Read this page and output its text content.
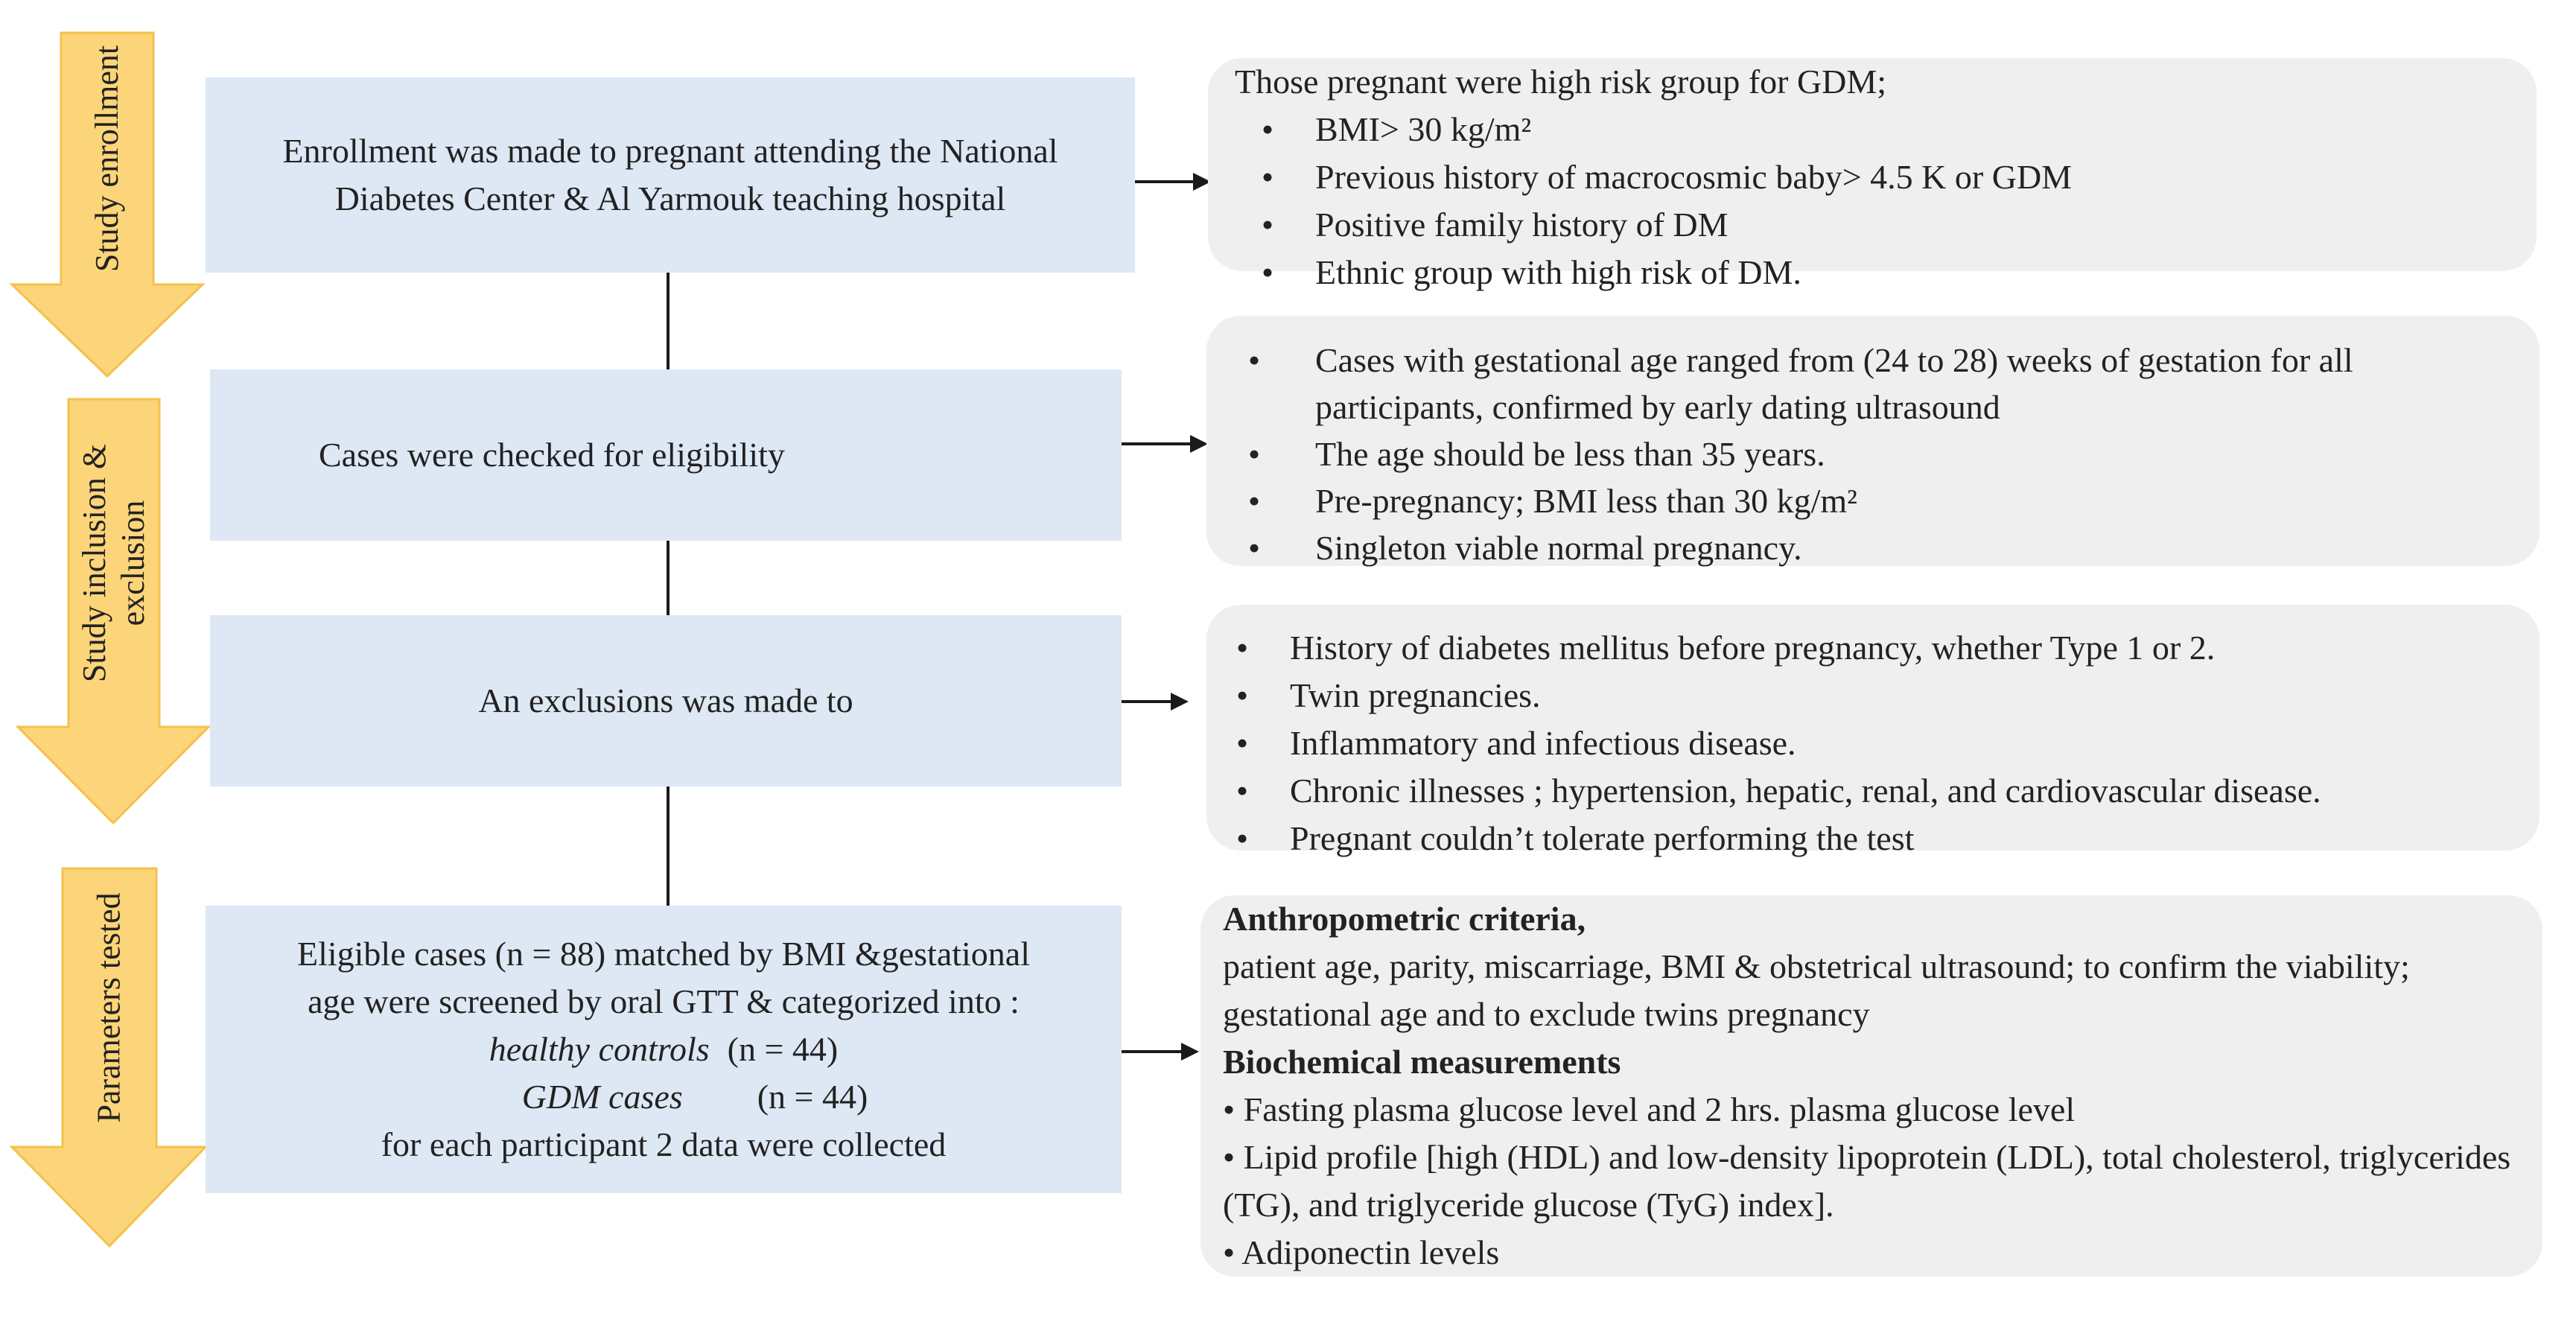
Study enrollment
Study inclusion & exclusion
Parameters tested
Enrollment was made to pregnant attending the National
Diabetes Center & Al Yarmouk teaching hospital
Cases were checked for eligibility
An exclusions was made to
Eligible cases (n = 88) matched by BMI &gestational
age were screened by oral GTT & categorized into :
healthy controls (n = 44)
GDM cases (n = 44)
for each participant 2 data were collected
Those pregnant were high risk group for GDM;
• BMI> 30 kg/m²
• Previous history of macrocosmic baby> 4.5 K or GDM
• Positive family history of DM
• Ethnic group with high risk of DM.
• Cases with gestational age ranged from (24 to 28) weeks of gestation for all participants, confirmed by early dating ultrasound
• The age should be less than 35 years.
• Pre-pregnancy; BMI less than 30 kg/m²
• Singleton viable normal pregnancy.
• History of diabetes mellitus before pregnancy, whether Type 1 or 2.
• Twin pregnancies.
• Inflammatory and infectious disease.
• Chronic illnesses ; hypertension, hepatic, renal, and cardiovascular disease.
• Pregnant couldn’t tolerate performing the test
Anthropometric criteria,
patient age, parity, miscarriage, BMI & obstetrical ultrasound; to confirm the viability; gestational age and to exclude twins pregnancy
Biochemical measurements
• Fasting plasma glucose level and 2 hrs. plasma glucose level
• Lipid profile [high (HDL) and low-density lipoprotein (LDL), total cholesterol, triglycerides (TG), and triglyceride glucose (TyG) index].
• Adiponectin levels
